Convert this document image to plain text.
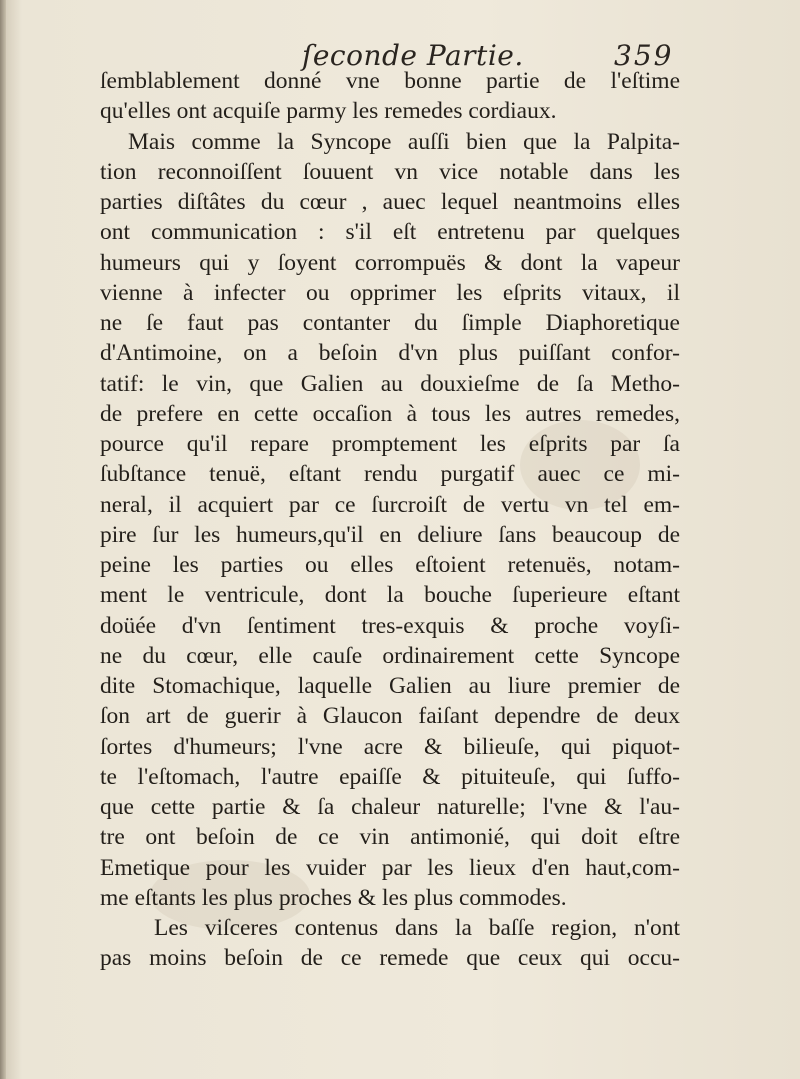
ſeconde Partie.	359
ſemblablement donné vne bonne partie de l'eſtime
qu'elles ont acquiſe parmy les remedes cordiaux.
Mais comme la Syncope auſſi bien que la Palpita-
tion reconnoiſſent ſouuent vn vice notable dans les
parties diſtâtes du cœur , auec lequel neantmoins elles
ont communication : s'il eſt entretenu par quelques
humeurs qui y ſoyent corrompuës & dont la vapeur
vienne à infecter ou opprimer les eſprits vitaux, il
ne ſe faut pas contanter du ſimple Diaphoretique
d'Antimoine, on a beſoin d'vn plus puiſſant confor-
tatif: le vin, que Galien au douxieſme de ſa Metho-
de prefere en cette occaſion à tous les autres remedes,
pource qu'il repare promptement les eſprits par ſa
ſubſtance tenuë, eſtant rendu purgatif auec ce mi-
neral, il acquiert par ce ſurcroiſt de vertu vn tel em-
pire ſur les humeurs,qu'il en deliure ſans beaucoup de
peine les parties ou elles eſtoient retenuës, notam-
ment le ventricule, dont la bouche ſuperieure eſtant
doüée d'vn ſentiment tres-exquis & proche voyſi-
ne du cœur, elle cauſe ordinairement cette Syncope
dite Stomachique, laquelle Galien au liure premier de
ſon art de guerir à Glaucon faiſant dependre de deux
ſortes d'humeurs; l'vne acre & bilieuſe, qui piquot-
te l'eſtomach, l'autre epaiſſe & pituiteuſe, qui ſuffo-
que cette partie & ſa chaleur naturelle; l'vne & l'au-
tre ont beſoin de ce vin antimonié, qui doit eſtre
Emetique pour les vuider par les lieux d'en haut,com-
me eſtants les plus proches & les plus commodes.
Les viſceres contenus dans la baſſe region, n'ont
pas moins beſoin de ce remede que ceux qui occu-
